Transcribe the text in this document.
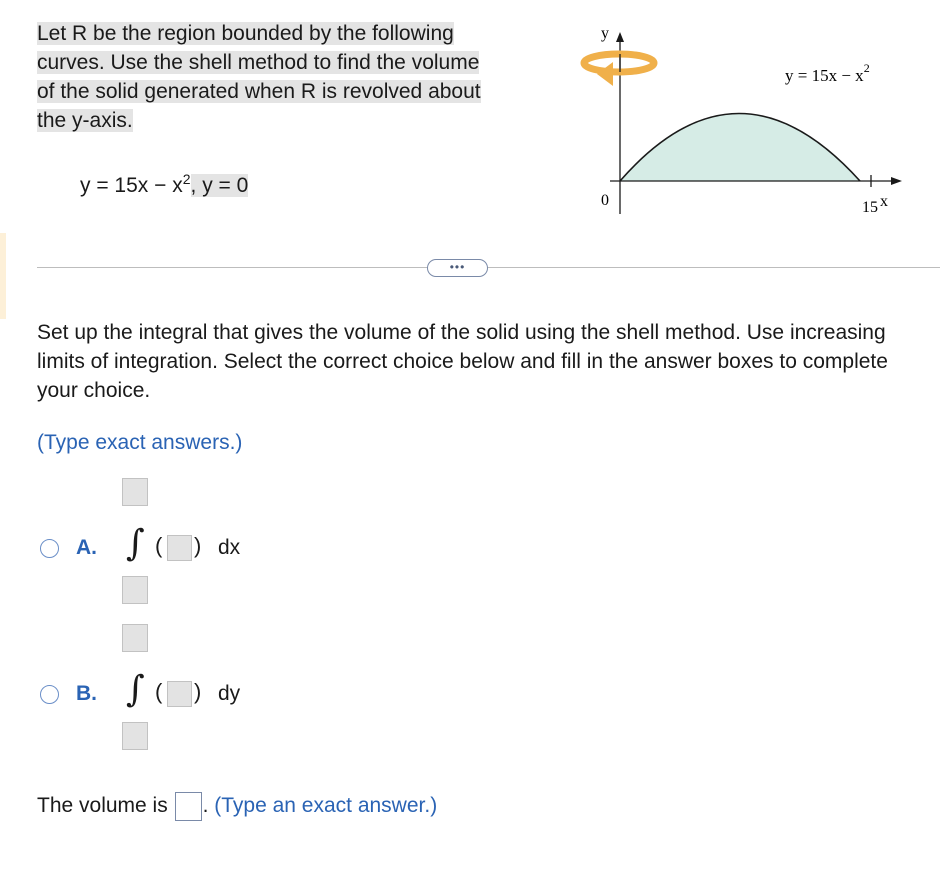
Let R be the region bounded by the following
curves. Use the shell method to find the volume
of the solid generated when R is revolved about
the y-axis.
$y = 15x - x^2$, y = 0
y
0	15 x
$y = 15x - x^2$
•••
Set up the integral that gives the volume of the solid using the shell method. Use increasing limits of integration. Select the correct choice below and fill in the answer boxes to complete your choice.
(Type exact answers.)
A. ∫ ( ) dx
B. ∫ ( ) dy
The volume is . (Type an exact answer.)
